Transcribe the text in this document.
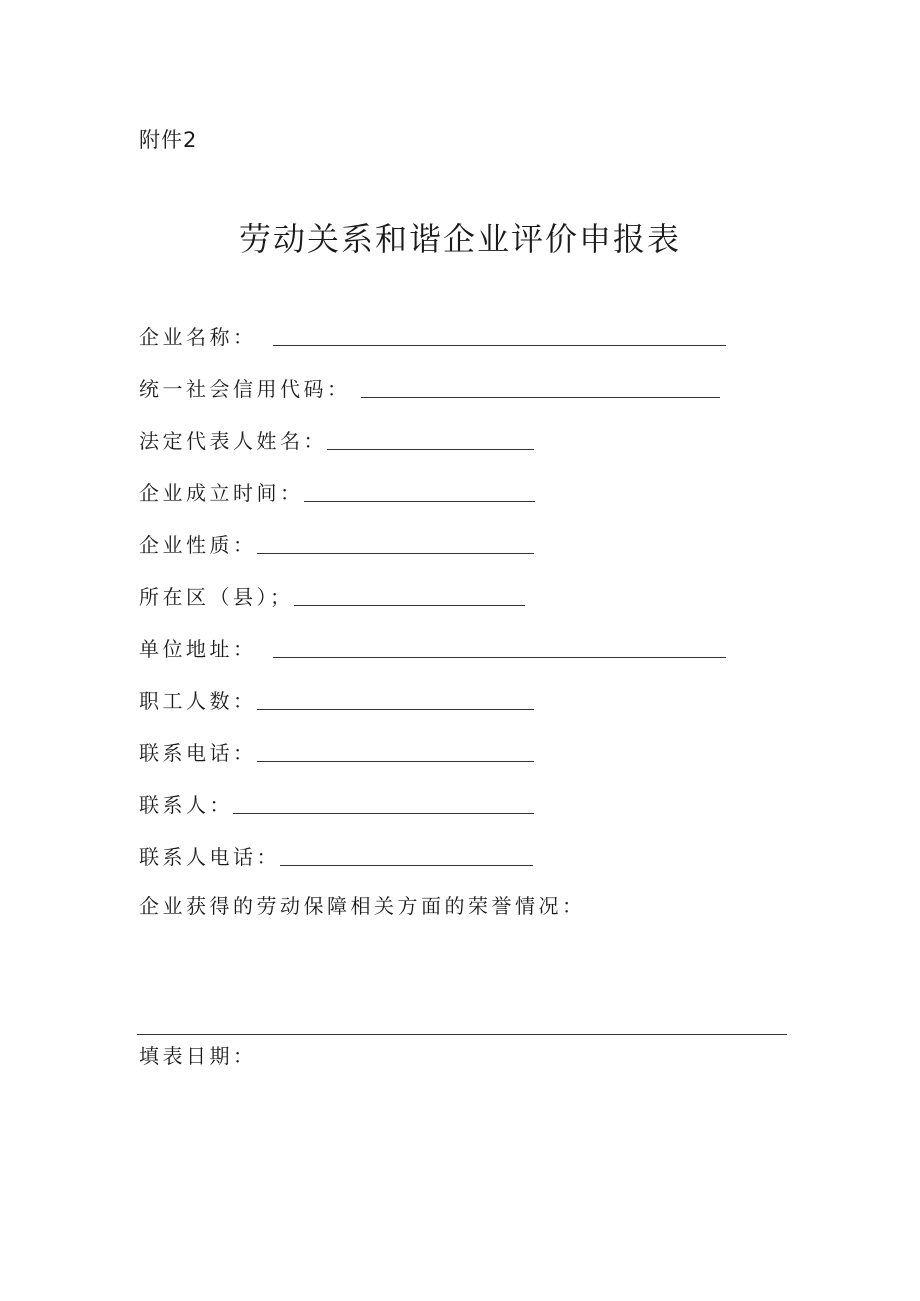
附件2
劳动关系和谐企业评价申报表
企业名称：
统一社会信用代码：
法定代表人姓名：
企业成立时间：
企业性质：
所在区（县）；
单位地址：
职工人数：
联系电话：
联系人：
联系人电话：
企业获得的劳动保障相关方面的荣誉情况：
填表日期：
